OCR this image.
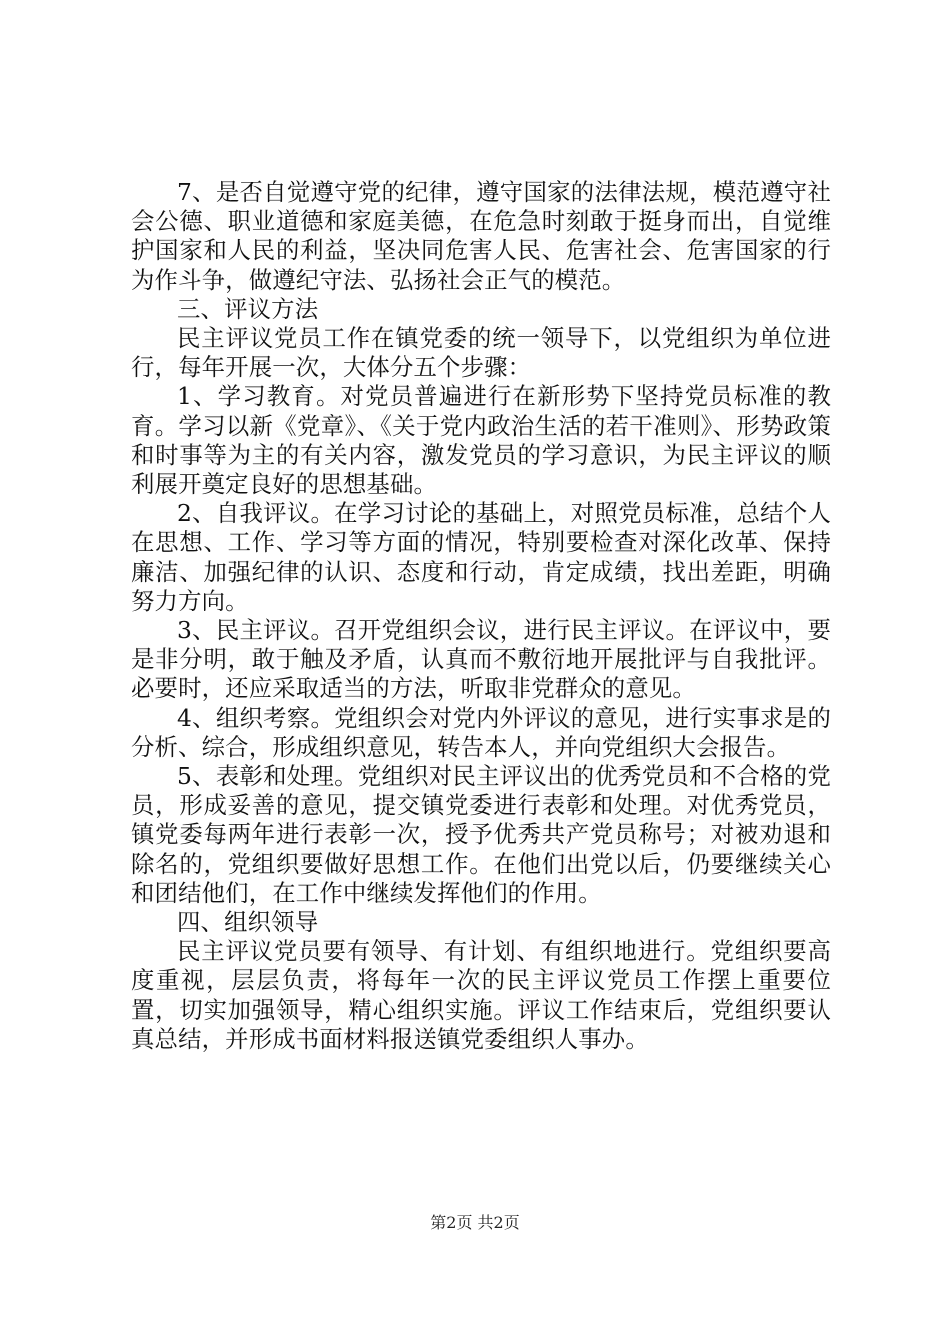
7、是否自觉遵守党的纪律，遵守国家的法律法规，模范遵守社会公德、职业道德和家庭美德，在危急时刻敢于挺身而出，自觉维护国家和人民的利益，坚决同危害人民、危害社会、危害国家的行为作斗争，做遵纪守法、弘扬社会正气的模范。

三、评议方法

民主评议党员工作在镇党委的统一领导下，以党组织为单位进行，每年开展一次，大体分五个步骤：

1、学习教育。对党员普遍进行在新形势下坚持党员标准的教育。学习以新《党章》、《关于党内政治生活的若干准则》、形势政策和时事等为主的有关内容，激发党员的学习意识，为民主评议的顺利展开奠定良好的思想基础。

2、自我评议。在学习讨论的基础上，对照党员标准，总结个人在思想、工作、学习等方面的情况，特别要检查对深化改革、保持廉洁、加强纪律的认识、态度和行动，肯定成绩，找出差距，明确努力方向。

3、民主评议。召开党组织会议，进行民主评议。在评议中，要是非分明，敢于触及矛盾，认真而不敷衍地开展批评与自我批评。必要时，还应采取适当的方法，听取非党群众的意见。

4、组织考察。党组织会对党内外评议的意见，进行实事求是的分析、综合，形成组织意见，转告本人，并向党组织大会报告。

5、表彰和处理。党组织对民主评议出的优秀党员和不合格的党员，形成妥善的意见，提交镇党委进行表彰和处理。对优秀党员，镇党委每两年进行表彰一次，授予优秀共产党员称号；对被劝退和除名的，党组织要做好思想工作。在他们出党以后，仍要继续关心和团结他们，在工作中继续发挥他们的作用。

四、组织领导

民主评议党员要有领导、有计划、有组织地进行。党组织要高度重视，层层负责，将每年一次的民主评议党员工作摆上重要位置，切实加强领导，精心组织实施。评议工作结束后，党组织要认真总结，并形成书面材料报送镇党委组织人事办。

第2页 共2页
